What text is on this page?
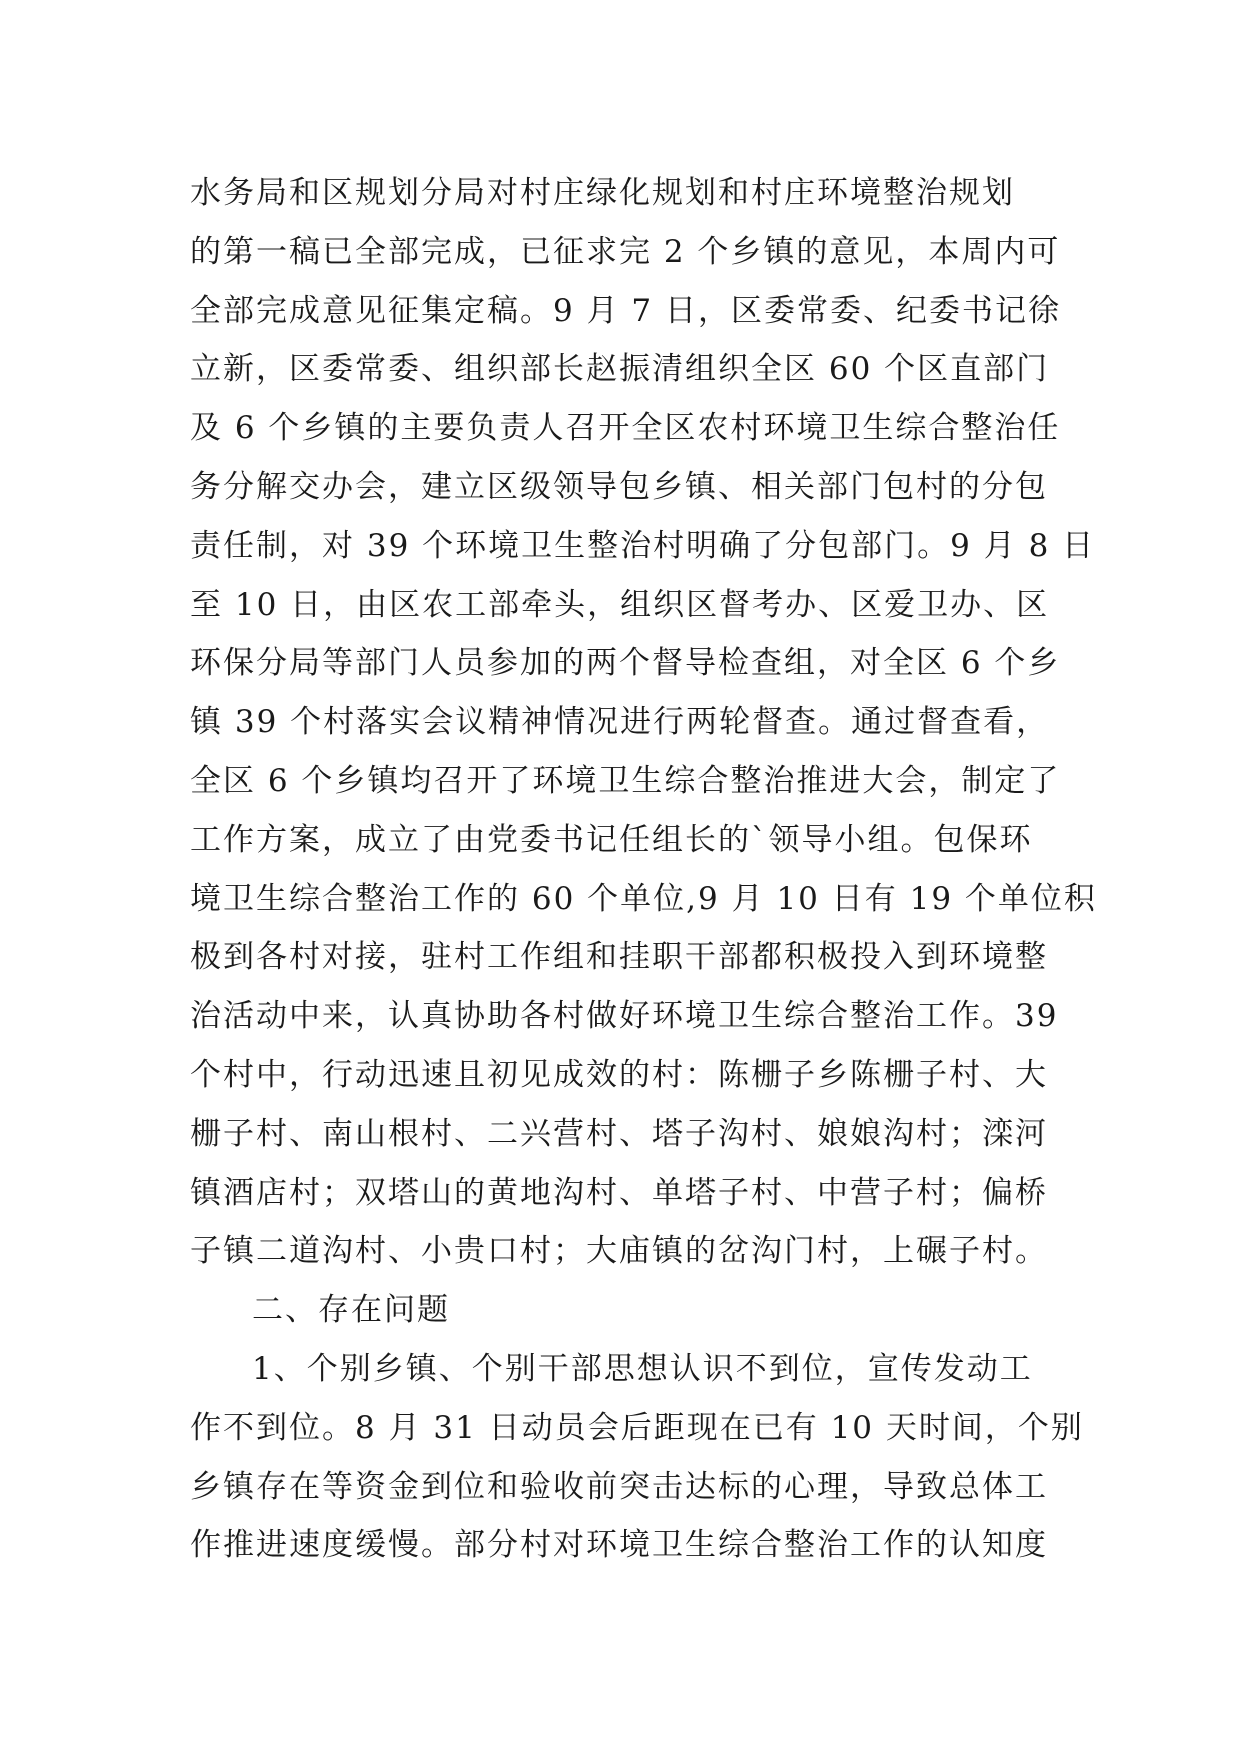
水务局和区规划分局对村庄绿化规划和村庄环境整治规划
的第一稿已全部完成，已征求完 2 个乡镇的意见，本周内可
全部完成意见征集定稿。9 月 7 日，区委常委、纪委书记徐
立新，区委常委、组织部长赵振清组织全区 60 个区直部门
及 6 个乡镇的主要负责人召开全区农村环境卫生综合整治任
务分解交办会，建立区级领导包乡镇、相关部门包村的分包
责任制，对 39 个环境卫生整治村明确了分包部门。9 月 8 日
至 10 日，由区农工部牵头，组织区督考办、区爱卫办、区
环保分局等部门人员参加的两个督导检查组，对全区 6 个乡
镇 39 个村落实会议精神情况进行两轮督查。通过督查看，
全区 6 个乡镇均召开了环境卫生综合整治推进大会，制定了
工作方案，成立了由党委书记任组长的`领导小组。包保环
境卫生综合整治工作的 60 个单位,9 月 10 日有 19 个单位积
极到各村对接，驻村工作组和挂职干部都积极投入到环境整
治活动中来，认真协助各村做好环境卫生综合整治工作。39
个村中，行动迅速且初见成效的村：陈栅子乡陈栅子村、大
栅子村、南山根村、二兴营村、塔子沟村、娘娘沟村；滦河
镇酒店村；双塔山的黄地沟村、单塔子村、中营子村；偏桥
子镇二道沟村、小贵口村；大庙镇的岔沟门村，上碾子村。
二、存在问题
1、个别乡镇、个别干部思想认识不到位，宣传发动工
作不到位。8 月 31 日动员会后距现在已有 10 天时间，个别
乡镇存在等资金到位和验收前突击达标的心理，导致总体工
作推进速度缓慢。部分村对环境卫生综合整治工作的认知度
